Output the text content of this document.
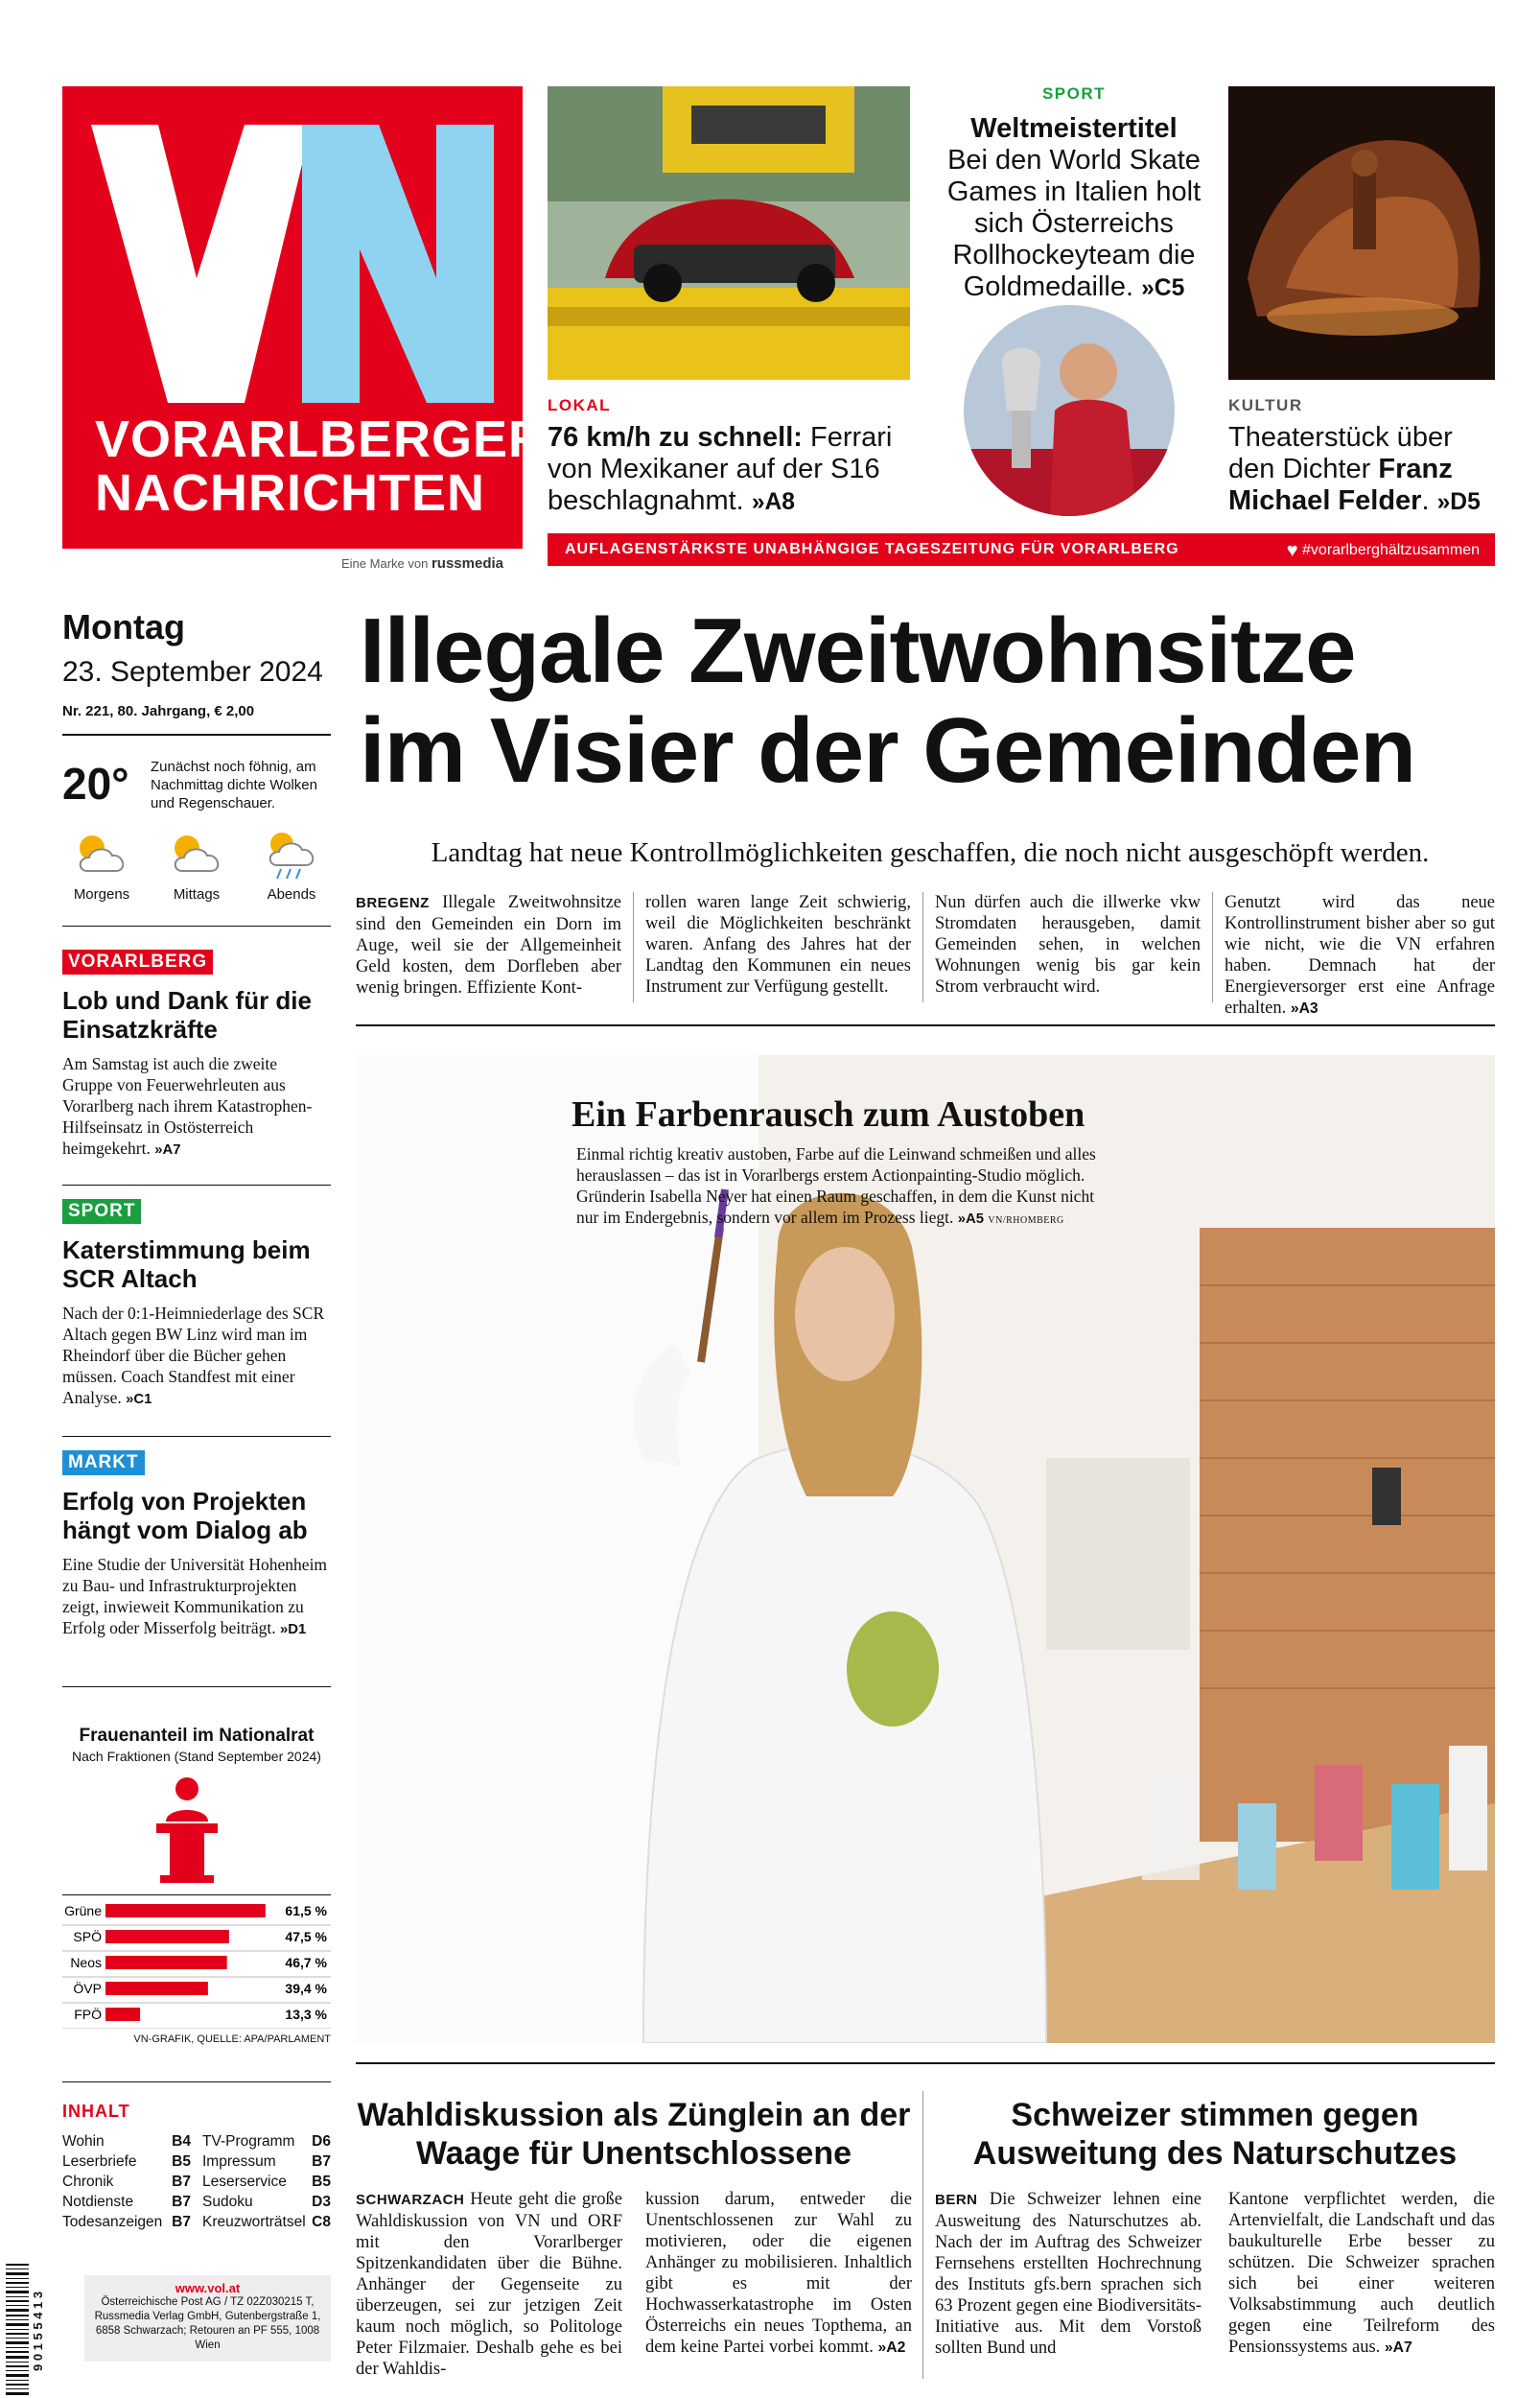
VORARLBERGER
NACHRICHTEN
Eine Marke von russmedia
LOKAL
76 km/h zu schnell: Ferrari von Mexikaner auf der S16 beschlagnahmt. »A8
SPORT
Weltmeistertitel
Bei den World Skate Games in Italien holt sich Österreichs Rollhockeyteam die Goldmedaille. »C5
KULTUR
Theaterstück über den Dichter Franz Michael Felder. »D5
AUFLAGENSTÄRKSTE UNABHÄNGIGE TAGESZEITUNG FÜR VORARLBERG	♥ #vorarlberghältzusammen
Montag
23. September 2024
Nr. 221, 80. Jahrgang, € 2,00
20° Zunächst noch föhnig, am Nachmittag dichte Wolken und Regenschauer.
Morgens	Mittags	Abends
VORARLBERG
Lob und Dank für die Einsatzkräfte
Am Samstag ist auch die zweite Gruppe von Feuerwehrleuten aus Vorarlberg nach ihrem Katastrophen-Hilfseinsatz in Ostösterreich heimgekehrt. »A7
SPORT
Katerstimmung beim SCR Altach
Nach der 0:1-Heimniederlage des SCR Altach gegen BW Linz wird man im Rheindorf über die Bücher gehen müssen. Coach Standfest mit einer Analyse. »C1
MARKT
Erfolg von Projekten hängt vom Dialog ab
Eine Studie der Universität Hohenheim zu Bau- und Infrastrukturprojekten zeigt, inwieweit Kommunikation zu Erfolg oder Misserfolg beiträgt. »D1
Frauenanteil im Nationalrat
Nach Fraktionen (Stand September 2024)
Grüne	61,5 %
SPÖ	47,5 %
Neos	46,7 %
ÖVP	39,4 %
FPÖ	13,3 %
VN-GRAFIK, QUELLE: APA/PARLAMENT
INHALT
Wohin	B4 TV-Programm D6
Leserbriefe B5 Impressum B7
Chronik	B7 Leserservice B5
Notdienste	B7 Sudoku	D3
Todesanzeigen B7 Kreuzworträtsel C8
www.vol.at
Österreichische Post AG / TZ 02Z030215 T,
Russmedia Verlag GmbH, Gutenbergstraße 1,
6858 Schwarzach; Retouren an PF 555, 1008 Wien
9 0 1 5 5 4 1 3
Illegale Zweitwohnsitze
im Visier der Gemeinden
Landtag hat neue Kontrollmöglichkeiten geschaffen, die noch nicht ausgeschöpft werden.
BREGENZ Illegale Zweitwohnsitze sind den Gemeinden ein Dorn im Auge, weil sie der Allgemeinheit Geld kosten, dem Dorfleben aber wenig bringen. Effiziente Kont-
rollen waren lange Zeit schwierig, weil die Möglichkeiten beschränkt waren. Anfang des Jahres hat der Landtag den Kommunen ein neues Instrument zur Verfügung gestellt.
Nun dürfen auch die illwerke vkw Stromdaten herausgeben, damit Gemeinden sehen, in welchen Wohnungen wenig bis gar kein Strom verbraucht wird.
Genutzt wird das neue Kontrollinstrument bisher aber so gut wie nicht, wie die VN erfahren haben. Demnach hat der Energieversorger erst eine Anfrage erhalten. »A3
Ein Farbenrausch zum Austoben
Einmal richtig kreativ austoben, Farbe auf die Leinwand schmeißen und alles herauslassen – das ist in Vorarlbergs erstem Actionpainting-Studio möglich. Gründerin Isabella Neyer hat einen Raum geschaffen, in dem die Kunst nicht nur im Endergebnis, sondern vor allem im Prozess liegt. »A5 VN/RHOMBERG
Wahldiskussion als Zünglein an der Waage für Unentschlossene
SCHWARZACH Heute geht die große Wahldiskussion von VN und ORF mit den Vorarlberger Spitzenkandidaten über die Bühne. Anhänger der Gegenseite zu überzeugen, sei zur jetzigen Zeit kaum noch möglich, so Politologe Peter Filzmaier. Deshalb gehe es bei der Wahldis-
kussion darum, entweder die Unentschlossenen zur Wahl zu motivieren, oder die eigenen Anhänger zu mobilisieren. Inhaltlich gibt es mit der Hochwasserkatastrophe im Osten Österreichs ein neues Topthema, an dem keine Partei vorbei kommt. »A2
Schweizer stimmen gegen Ausweitung des Naturschutzes
BERN Die Schweizer lehnen eine Ausweitung des Naturschutzes ab. Nach der im Auftrag des Schweizer Fernsehens erstellten Hochrechnung des Instituts gfs.bern sprachen sich 63 Prozent gegen eine Biodiversitäts-Initiative aus. Mit dem Vorstoß sollten Bund und
Kantone verpflichtet werden, die Artenvielfalt, die Landschaft und das baukulturelle Erbe besser zu schützen. Die Schweizer sprachen sich bei einer weiteren Volksabstimmung auch deutlich gegen eine Teilreform des Pensionssystems aus. »A7
